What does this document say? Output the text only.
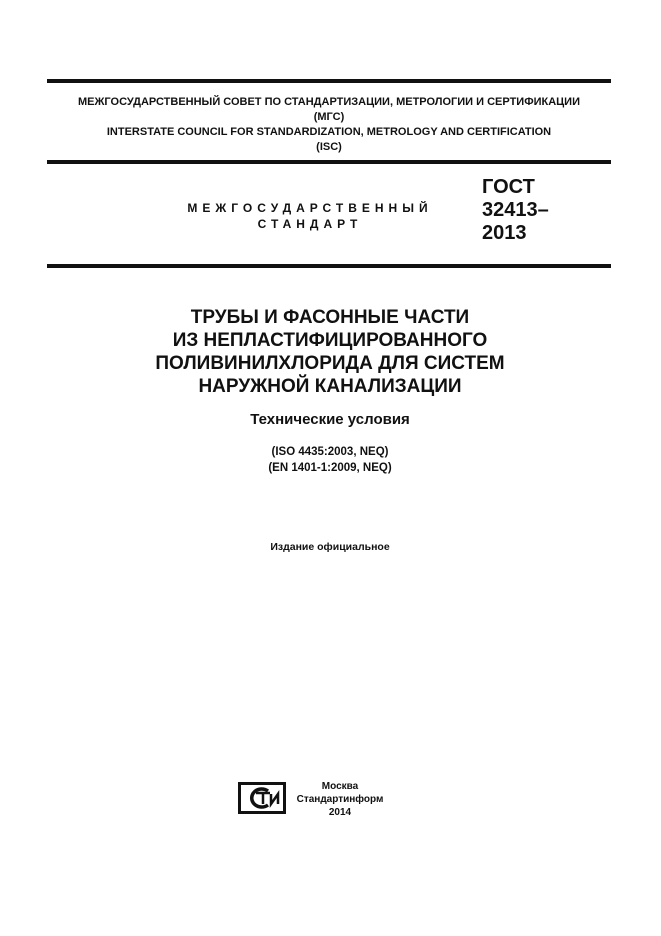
МЕЖГОСУДАРСТВЕННЫЙ СОВЕТ ПО СТАНДАРТИЗАЦИИ, МЕТРОЛОГИИ И СЕРТИФИКАЦИИ
(МГС)
INTERSTATE COUNCIL FOR STANDARDIZATION, METROLOGY AND CERTIFICATION
(ISC)
МЕЖГОСУДАРСТВЕННЫЙ
СТАНДАРТ
ГОСТ
32413–
2013
ТРУБЫ И ФАСОННЫЕ ЧАСТИ
ИЗ НЕПЛАСТИФИЦИРОВАННОГО
ПОЛИВИНИЛХЛОРИДА ДЛЯ СИСТЕМ
НАРУЖНОЙ КАНАЛИЗАЦИИ
Технические условия
(ISO 4435:2003, NEQ)
(EN 1401-1:2009, NEQ)
Издание официальное
Москва
Стандартинформ
2014
